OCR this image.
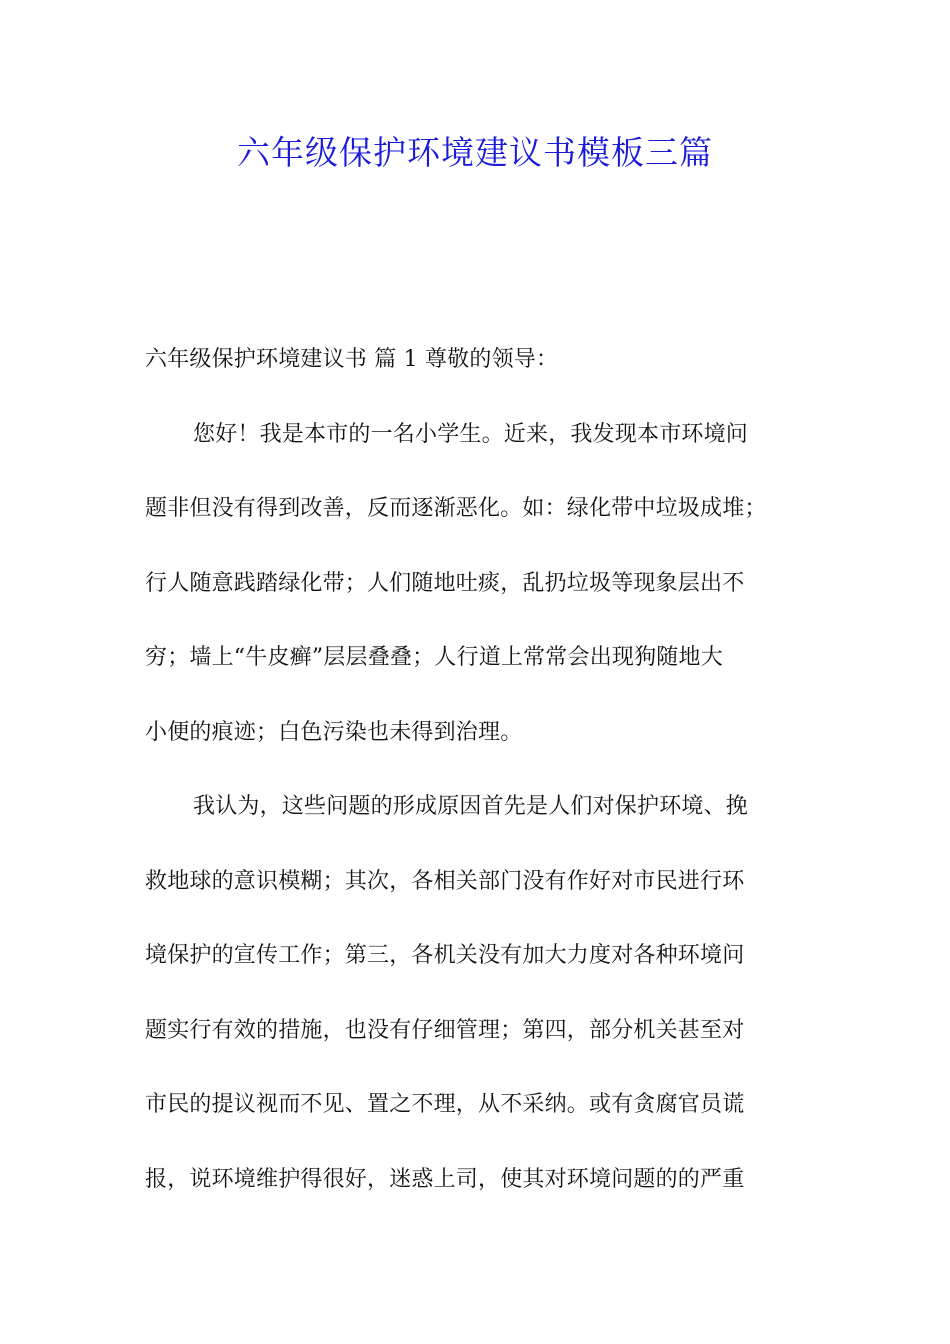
六年级保护环境建议书模板三篇
六年级保护环境建议书 篇 1 尊敬的领导：
您好！我是本市的一名小学生。近来，我发现本市环境问
题非但没有得到改善，反而逐渐恶化。如：绿化带中垃圾成堆；
行人随意践踏绿化带；人们随地吐痰，乱扔垃圾等现象层出不
穷；墙上“牛皮癣”层层叠叠；人行道上常常会出现狗随地大
小便的痕迹；白色污染也未得到治理。
我认为，这些问题的形成原因首先是人们对保护环境、挽
救地球的意识模糊；其次，各相关部门没有作好对市民进行环
境保护的宣传工作；第三，各机关没有加大力度对各种环境问
题实行有效的措施，也没有仔细管理；第四，部分机关甚至对
市民的提议视而不见、置之不理，从不采纳。或有贪腐官员谎
报，说环境维护得很好，迷惑上司，使其对环境问题的的严重
